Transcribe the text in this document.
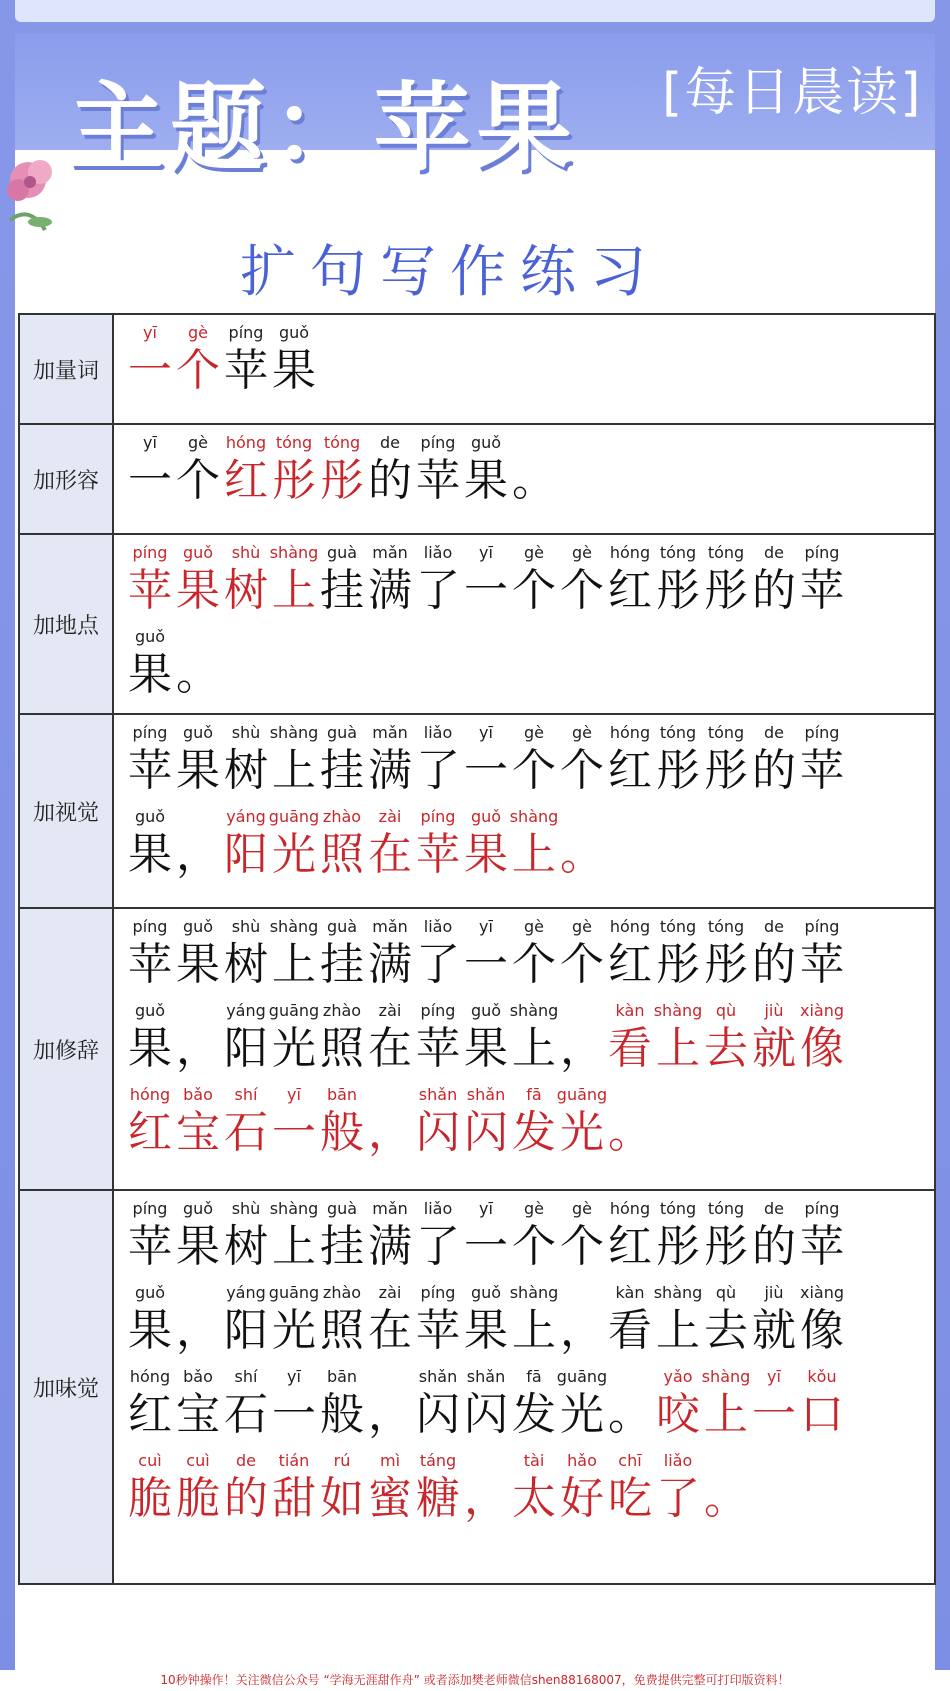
主题：苹果 [每日晨读]
扩句写作练习
加量词
yī
一
gè
个
píng
苹
guǒ
果
加形容
yī
一
gè
个
hóng
红
tóng
彤
tóng
彤
de
的
píng
苹
guǒ
果 。
加地点
píng
苹
guǒ
果
shù
树
shàng
上
guà
挂
mǎn
满
liǎo
了
yī
一
gè
个
gè
个
hóng
红
tóng
彤
tóng
彤
de
的
píng
苹
guǒ
果 。
加视觉
píng
苹
guǒ
果
shù
树
shàng
上
guà
挂
mǎn
满
liǎo
了
yī
一
gè
个
gè
个
hóng
红
tóng
彤
tóng
彤
de
的
píng
苹
guǒ
果 ，
yáng
阳
guāng
光
zhào
照
zài
在
píng
苹
guǒ
果
shàng
上 。
加修辞
píng
苹
guǒ
果
shù
树
shàng
上
guà
挂
mǎn
满
liǎo
了
yī
一
gè
个
gè
个
hóng
红
tóng
彤
tóng
彤
de
的
píng
苹
guǒ
果 ，
yáng
阳
guāng
光
zhào
照
zài
在
píng
苹
guǒ
果
shàng
上 ，
kàn
看
shàng
上
qù
去
jiù
就
xiàng
像
hóng
红
bǎo
宝
shí
石
yī
一
bān
般 ，
shǎn
闪
shǎn
闪
fā
发
guāng
光 。
加味觉
píng
苹
guǒ
果
shù
树
shàng
上
guà
挂
mǎn
满
liǎo
了
yī
一
gè
个
gè
个
hóng
红
tóng
彤
tóng
彤
de
的
píng
苹
guǒ
果 ，
yáng
阳
guāng
光
zhào
照
zài
在
píng
苹
guǒ
果
shàng
上 ，
kàn
看
shàng
上
qù
去
jiù
就
xiàng
像
hóng
红
bǎo
宝
shí
石
yī
一
bān
般 ，
shǎn
闪
shǎn
闪
fā
发
guāng
光 。
yǎo
咬
shàng
上
yī
一
kǒu
口
cuì
脆
cuì
脆
de
的
tián
甜
rú
如
mì
蜜
táng
糖 ，
tài
太
hǎo
好
chī
吃
liǎo
了 。
10秒钟操作！关注微信公众号 “学海无涯甜作舟” 或者添加樊老师微信shen88168007，免费提供完整可打印版资料！
